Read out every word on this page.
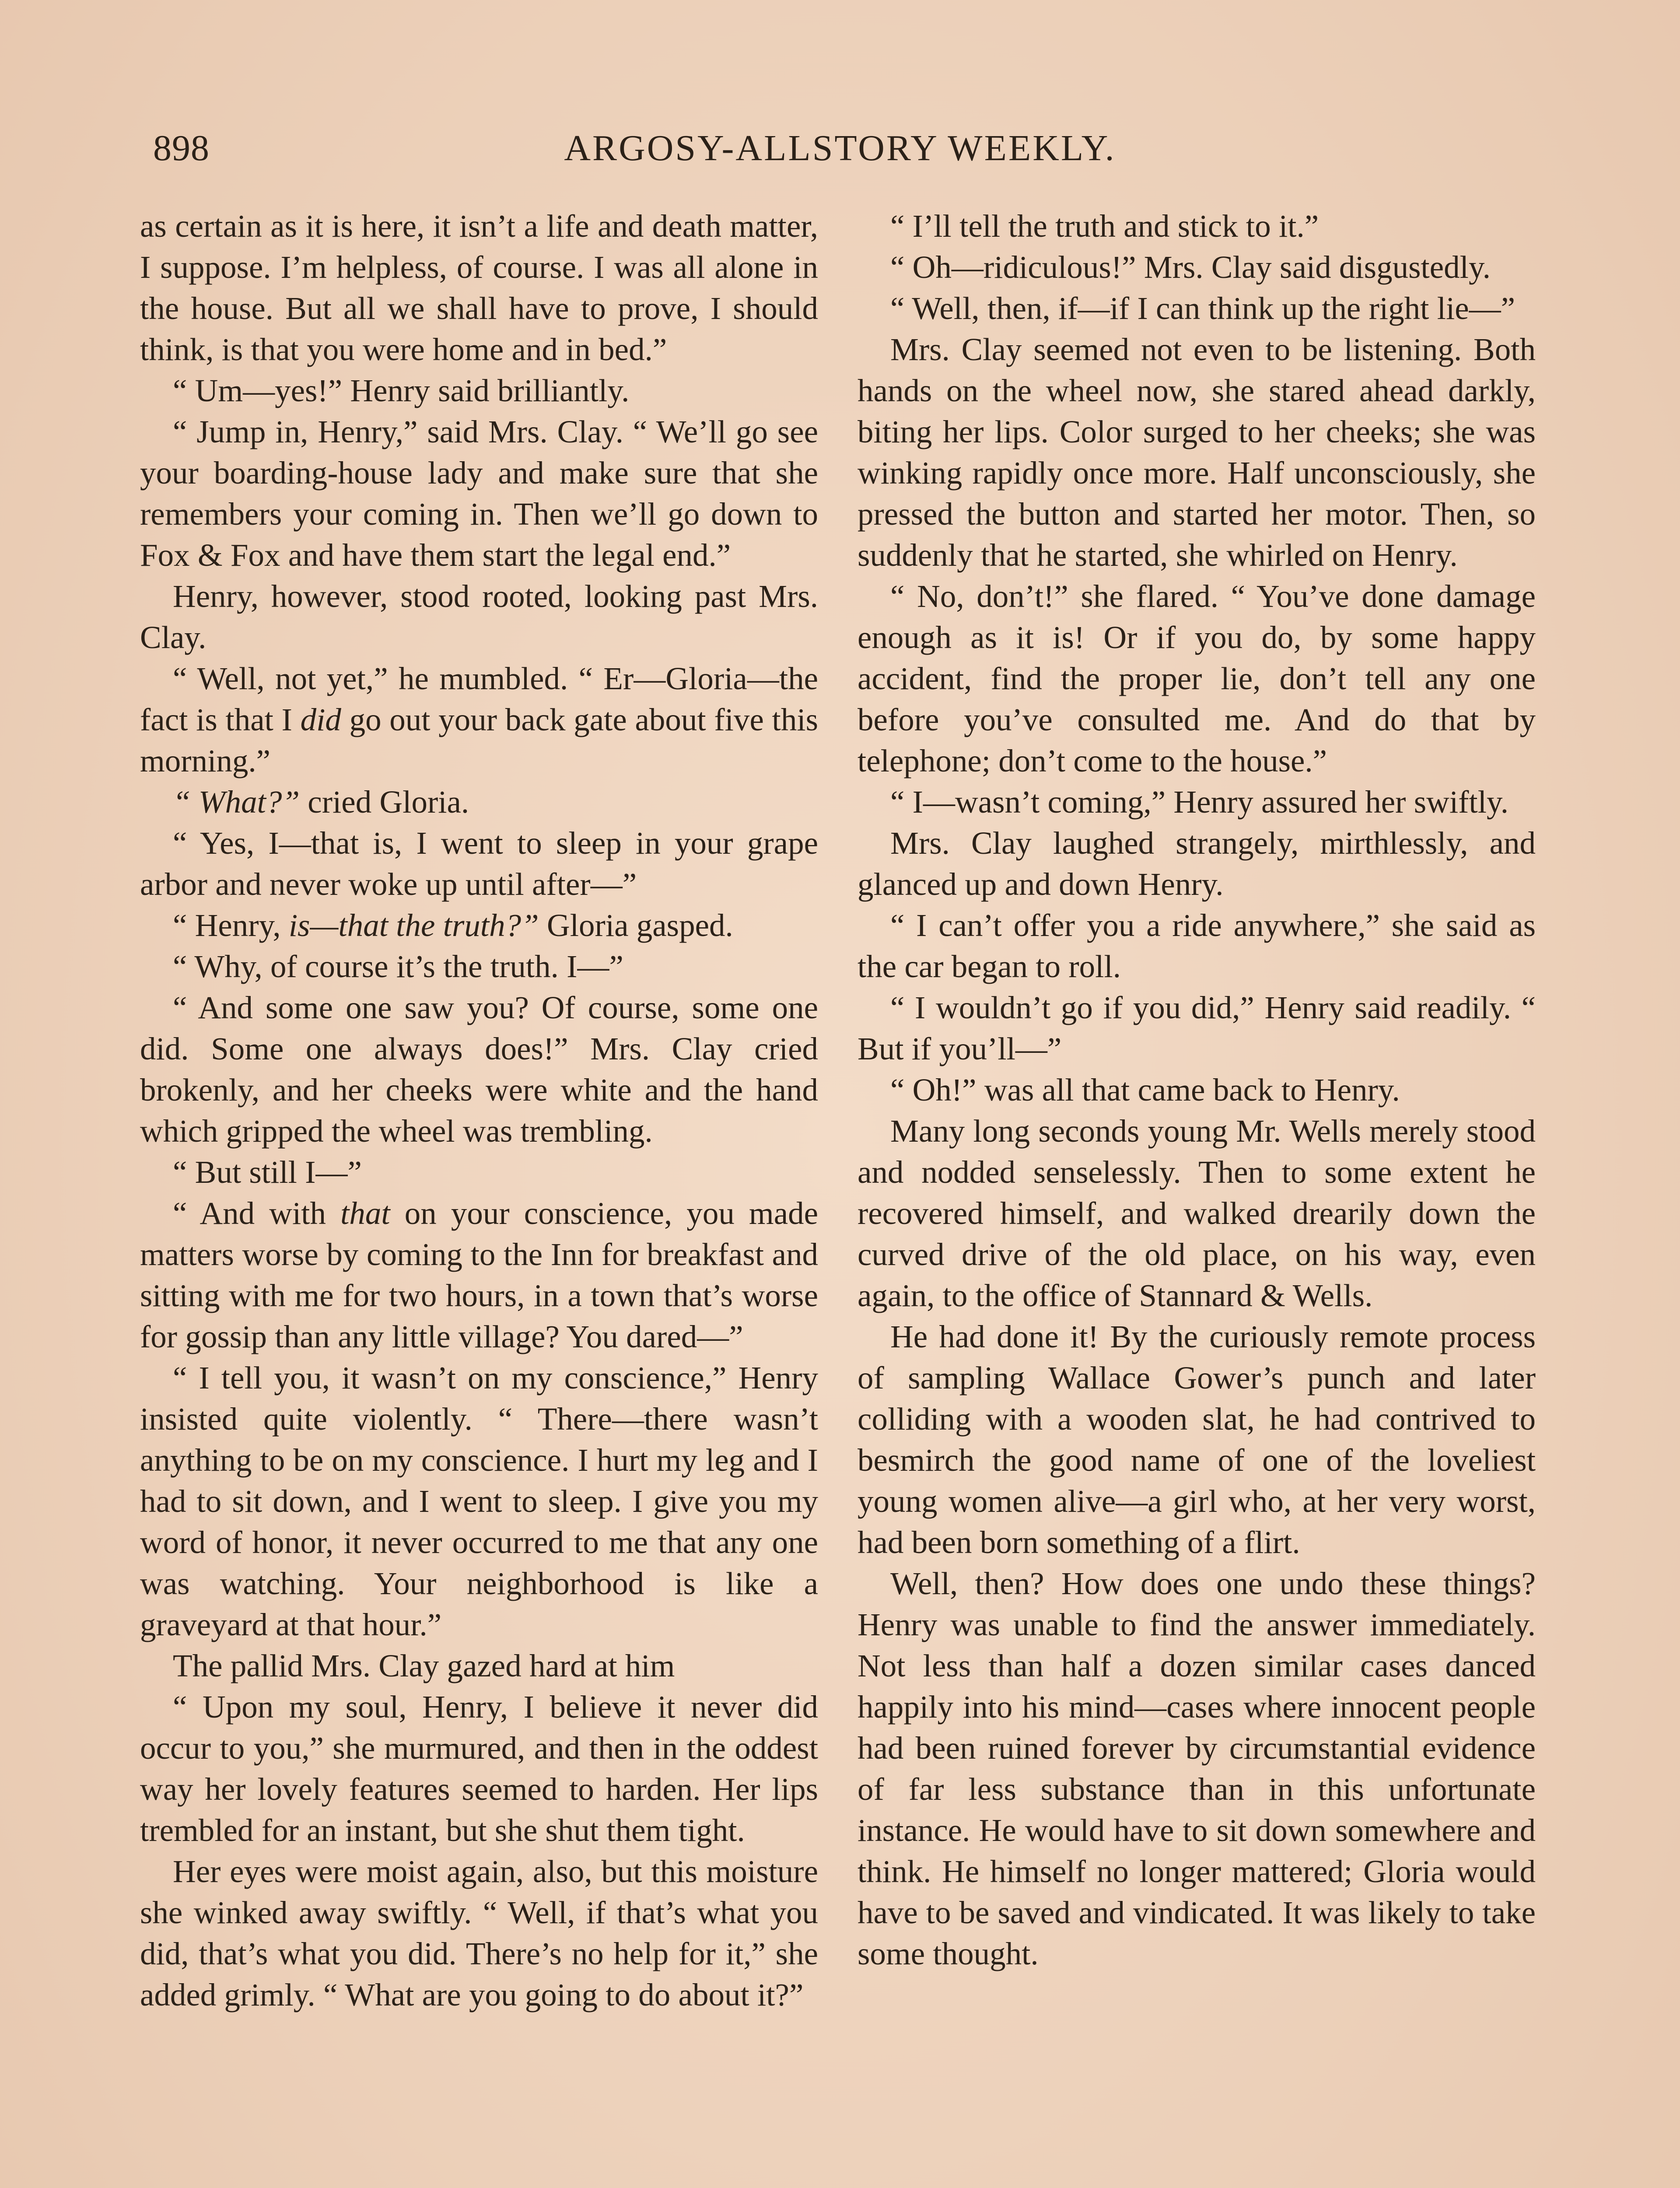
ARGOSY-ALLSTORY WEEKLY.
898

as certain as it is here, it isn’t a life and death matter, I suppose. I’m helpless, of course. I was all alone in the house. But all we shall have to prove, I should think, is that you were home and in bed.”

“ Um—yes!” Henry said brilliantly.

“ Jump in, Henry,” said Mrs. Clay. “ We’ll go see your boarding-house lady and make sure that she remembers your coming in. Then we’ll go down to Fox & Fox and have them start the legal end.”

Henry, however, stood rooted, looking past Mrs. Clay.

“ Well, not yet,” he mumbled. “ Er—Gloria—the fact is that I did go out your back gate about five this morning.”

“ What?” cried Gloria.

“ Yes, I—that is, I went to sleep in your grape arbor and never woke up until after—”

“ Henry, is—that the truth?” Gloria gasped.

“ Why, of course it’s the truth. I—”

“ And some one saw you? Of course, some one did. Some one always does!” Mrs. Clay cried brokenly, and her cheeks were white and the hand which gripped the wheel was trembling.

“ But still I—”

“ And with that on your conscience, you made matters worse by coming to the Inn for breakfast and sitting with me for two hours, in a town that’s worse for gossip than any little village? You dared—”

“ I tell you, it wasn’t on my conscience,” Henry insisted quite violently. “ There—there wasn’t anything to be on my conscience. I hurt my leg and I had to sit down, and I went to sleep. I give you my word of honor, it never occurred to me that any one was watching. Your neighborhood is like a graveyard at that hour.”

The pallid Mrs. Clay gazed hard at him

“ Upon my soul, Henry, I believe it never did occur to you,” she murmured, and then in the oddest way her lovely features seemed to harden. Her lips trembled for an instant, but she shut them tight.

Her eyes were moist again, also, but this moisture she winked away swiftly. “ Well, if that’s what you did, that’s what you did. There’s no help for it,” she added grimly. “ What are you going to do about it?”

“ I’ll tell the truth and stick to it.”

“ Oh—ridiculous!” Mrs. Clay said disgustedly.

“ Well, then, if—if I can think up the right lie—”

Mrs. Clay seemed not even to be listening. Both hands on the wheel now, she stared ahead darkly, biting her lips. Color surged to her cheeks; she was winking rapidly once more. Half unconsciously, she pressed the button and started her motor. Then, so suddenly that he started, she whirled on Henry.

“ No, don’t!” she flared. “ You’ve done damage enough as it is! Or if you do, by some happy accident, find the proper lie, don’t tell any one before you’ve consulted me. And do that by telephone; don’t come to the house.”

“ I—wasn’t coming,” Henry assured her swiftly.

Mrs. Clay laughed strangely, mirthlessly, and glanced up and down Henry.

“ I can’t offer you a ride anywhere,” she said as the car began to roll.

“ I wouldn’t go if you did,” Henry said readily. “ But if you’ll—”

“ Oh!” was all that came back to Henry.

Many long seconds young Mr. Wells merely stood and nodded senselessly. Then to some extent he recovered himself, and walked drearily down the curved drive of the old place, on his way, even again, to the office of Stannard & Wells.

He had done it! By the curiously remote process of sampling Wallace Gower’s punch and later colliding with a wooden slat, he had contrived to besmirch the good name of one of the loveliest young women alive—a girl who, at her very worst, had been born something of a flirt.

Well, then? How does one undo these things? Henry was unable to find the answer immediately. Not less than half a dozen similar cases danced happily into his mind—cases where innocent people had been ruined forever by circumstantial evidence of far less substance than in this unfortunate instance. He would have to sit down somewhere and think. He himself no longer mattered; Gloria would have to be saved and vindicated. It was likely to take some thought.
